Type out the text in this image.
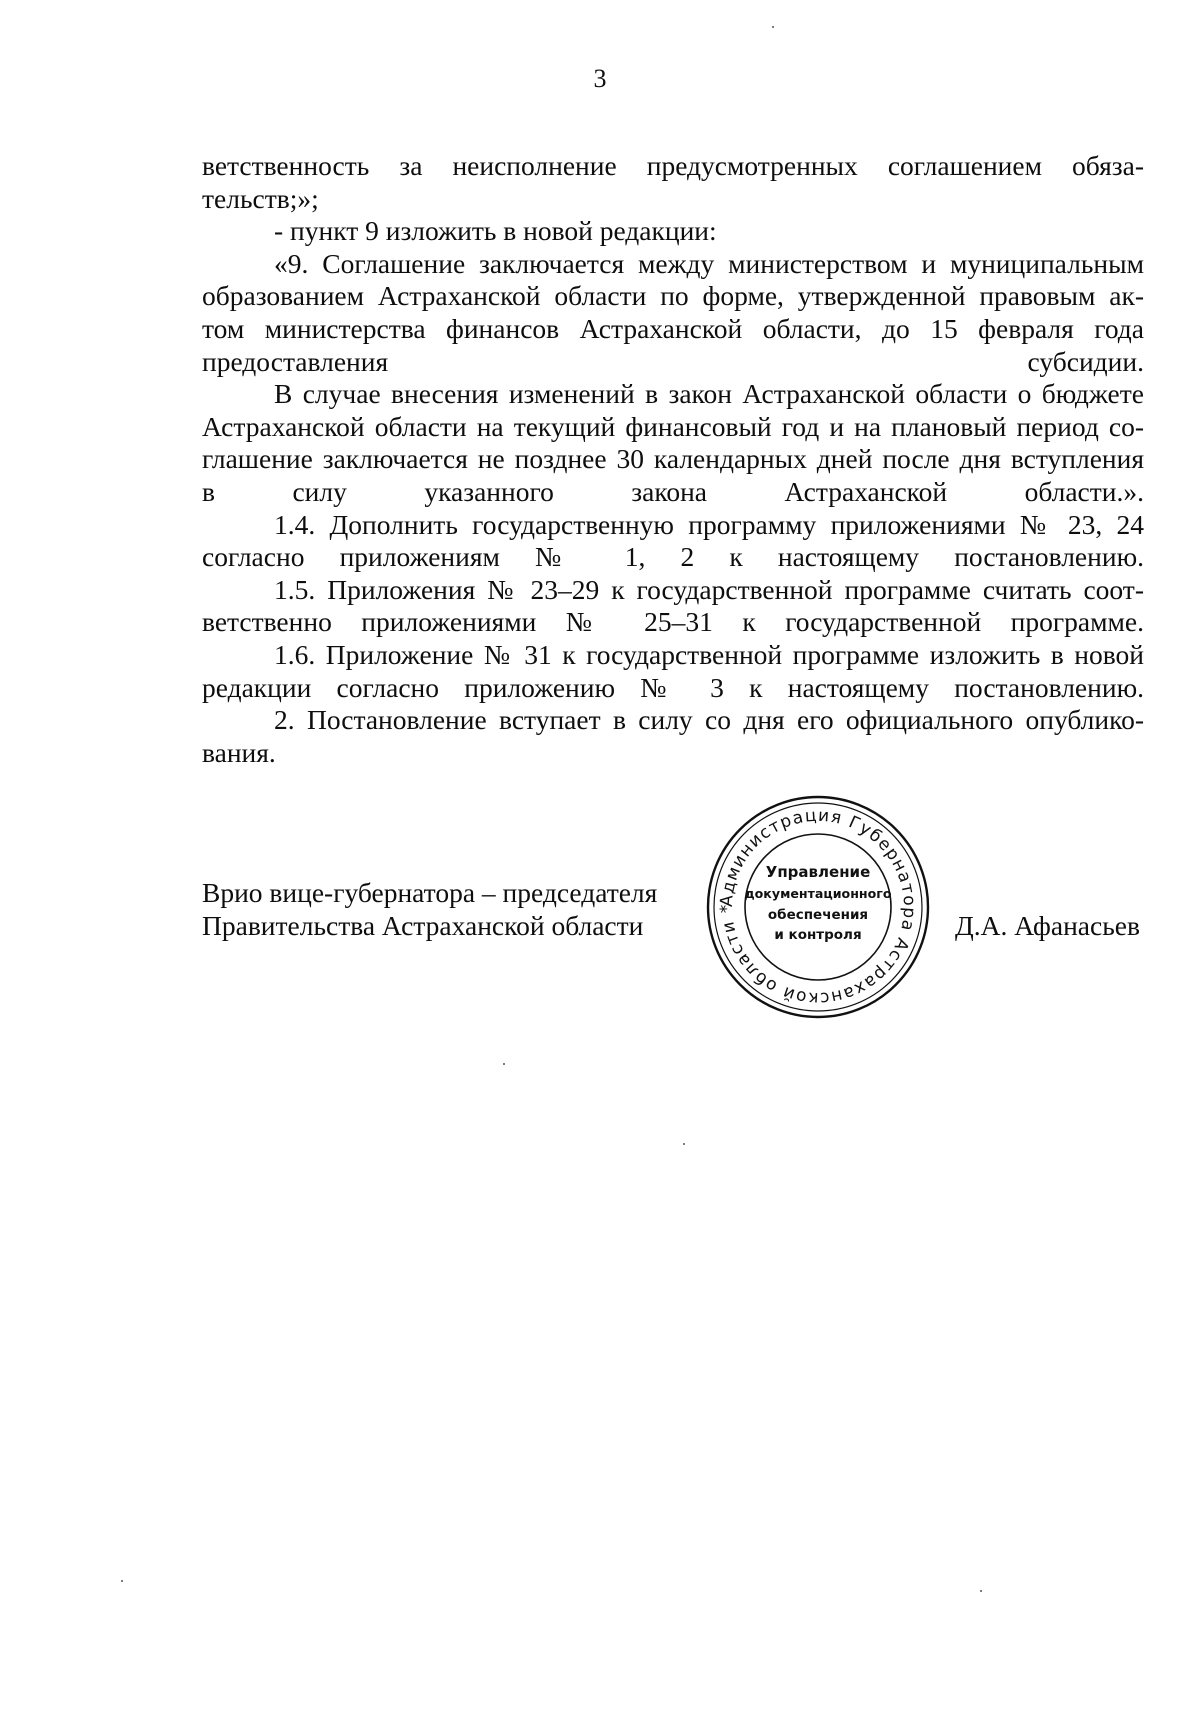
3

ветственность за неисполнение предусмотренных соглашением обяза-
тельств;»;

- пункт 9 изложить в новой редакции:

«9. Соглашение заключается между министерством и муниципальным
образованием Астраханской области по форме, утвержденной правовым ак-
том министерства финансов Астраханской области, до 15 февраля года
предоставления субсидии.

В случае внесения изменений в закон Астраханской области о бюджете
Астраханской области на текущий финансовый год и на плановый период со-
глашение заключается не позднее 30 календарных дней после дня вступления
в силу указанного закона Астраханской области.».

1.4. Дополнить государственную программу приложениями № 23, 24
согласно приложениям № 1, 2 к настоящему постановлению.

1.5. Приложения № 23–29 к государственной программе считать соот-
ветственно приложениями № 25–31 к государственной программе.

1.6. Приложение № 31 к государственной программе изложить в новой
редакции согласно приложению № 3 к настоящему постановлению.

2. Постановление вступает в силу со дня его официального опублико-
вания.

Врио вице-губернатора – председателя
Правительства Астраханской области	Д.А. Афанасьев
Администрация Губернатора Астраханской области *
Управление
документационного
обеспечения
и контроля
